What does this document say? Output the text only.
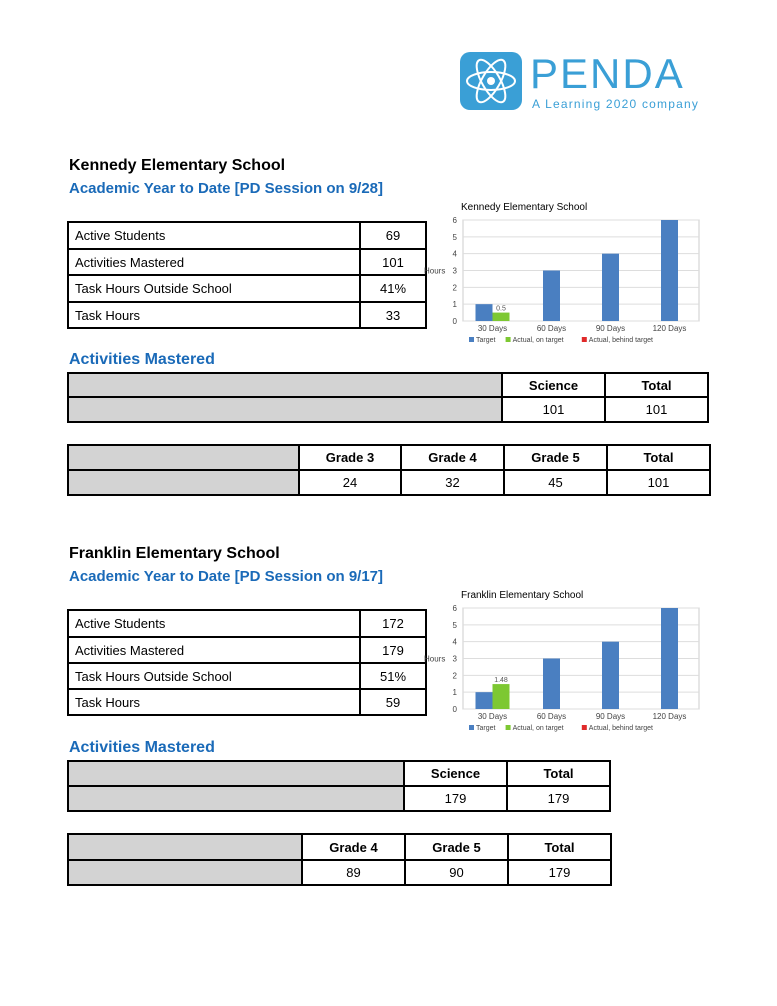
PENDA
A Learning 2020 company
Kennedy Elementary School
Academic Year to Date [PD Session on 9/28]
Active Students	69
Activities Mastered	101
Task Hours Outside School	41%
Task Hours	33
Kennedy Elementary School
0
1
2
3
4
5
6
Hours
0.5
30 Days	60 Days	90 Days	120 Days
Target Actual, on target	Actual, behind target
Activities Mastered
	Science	Total
	101	101
	Grade 3	Grade 4	Grade 5	Total
	24	32	45	101
Franklin Elementary School
Academic Year to Date [PD Session on 9/17]
Active Students	172
Activities Mastered	179
Task Hours Outside School	51%
Task Hours	59
Franklin Elementary School
0
1
2
3
4
5
6
Hours
1.48
30 Days	60 Days	90 Days	120 Days
Target Actual, on target	Actual, behind target
Activities Mastered
	Science	Total
	179	179
	Grade 4	Grade 5	Total
	89	90	179
